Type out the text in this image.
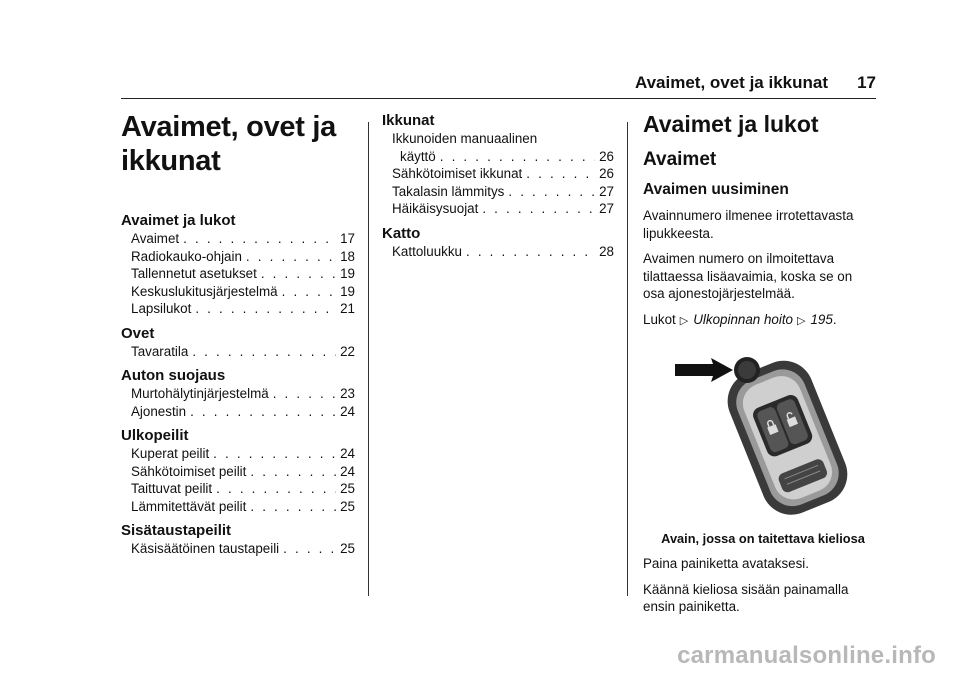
Avaimet, ovet ja ikkunat 17
Avaimet, ovet ja
ikkunat
Avaimet ja lukot
Avaimet . . .	17
Radiokauko-ohjain . . .	18
Tallennetut asetukset . . .	19
Keskuslukitusjärjestelmä . . .	19
Lapsilukot . . .	21
Ovet
Tavaratila . . .	22
Auton suojaus
Murtohälytinjärjestelmä . . .	23
Ajonestin . . .	24
Ulkopeilit
Kuperat peilit . . .	24
Sähkötoimiset peilit . . .	24
Taittuvat peilit . . .	25
Lämmitettävät peilit . . .	25
Sisätaustapeilit
Käsisäätöinen taustapeili . . .	25
Ikkunat
Ikkunoiden manuaalinen
käyttö . . .	26
Sähkötoimiset ikkunat . . .	26
Takalasin lämmitys . . .	27
Häikäisysuojat . . .	27
Katto
Kattoluukku . . .	28
Avaimet ja lukot
Avaimet
Avaimen uusiminen
Avainnumero ilmenee irrotettavasta lipukkeesta.
Avaimen numero on ilmoitettava tilattaessa lisäavaimia, koska se on osa ajonestojärjestelmää.
Lukot ▷ Ulkopinnan hoito ▷ 195.
Avain, jossa on taitettava kieliosa
Paina painiketta avataksesi.
Käännä kieliosa sisään painamalla ensin painiketta.
carmanualsonline.info
